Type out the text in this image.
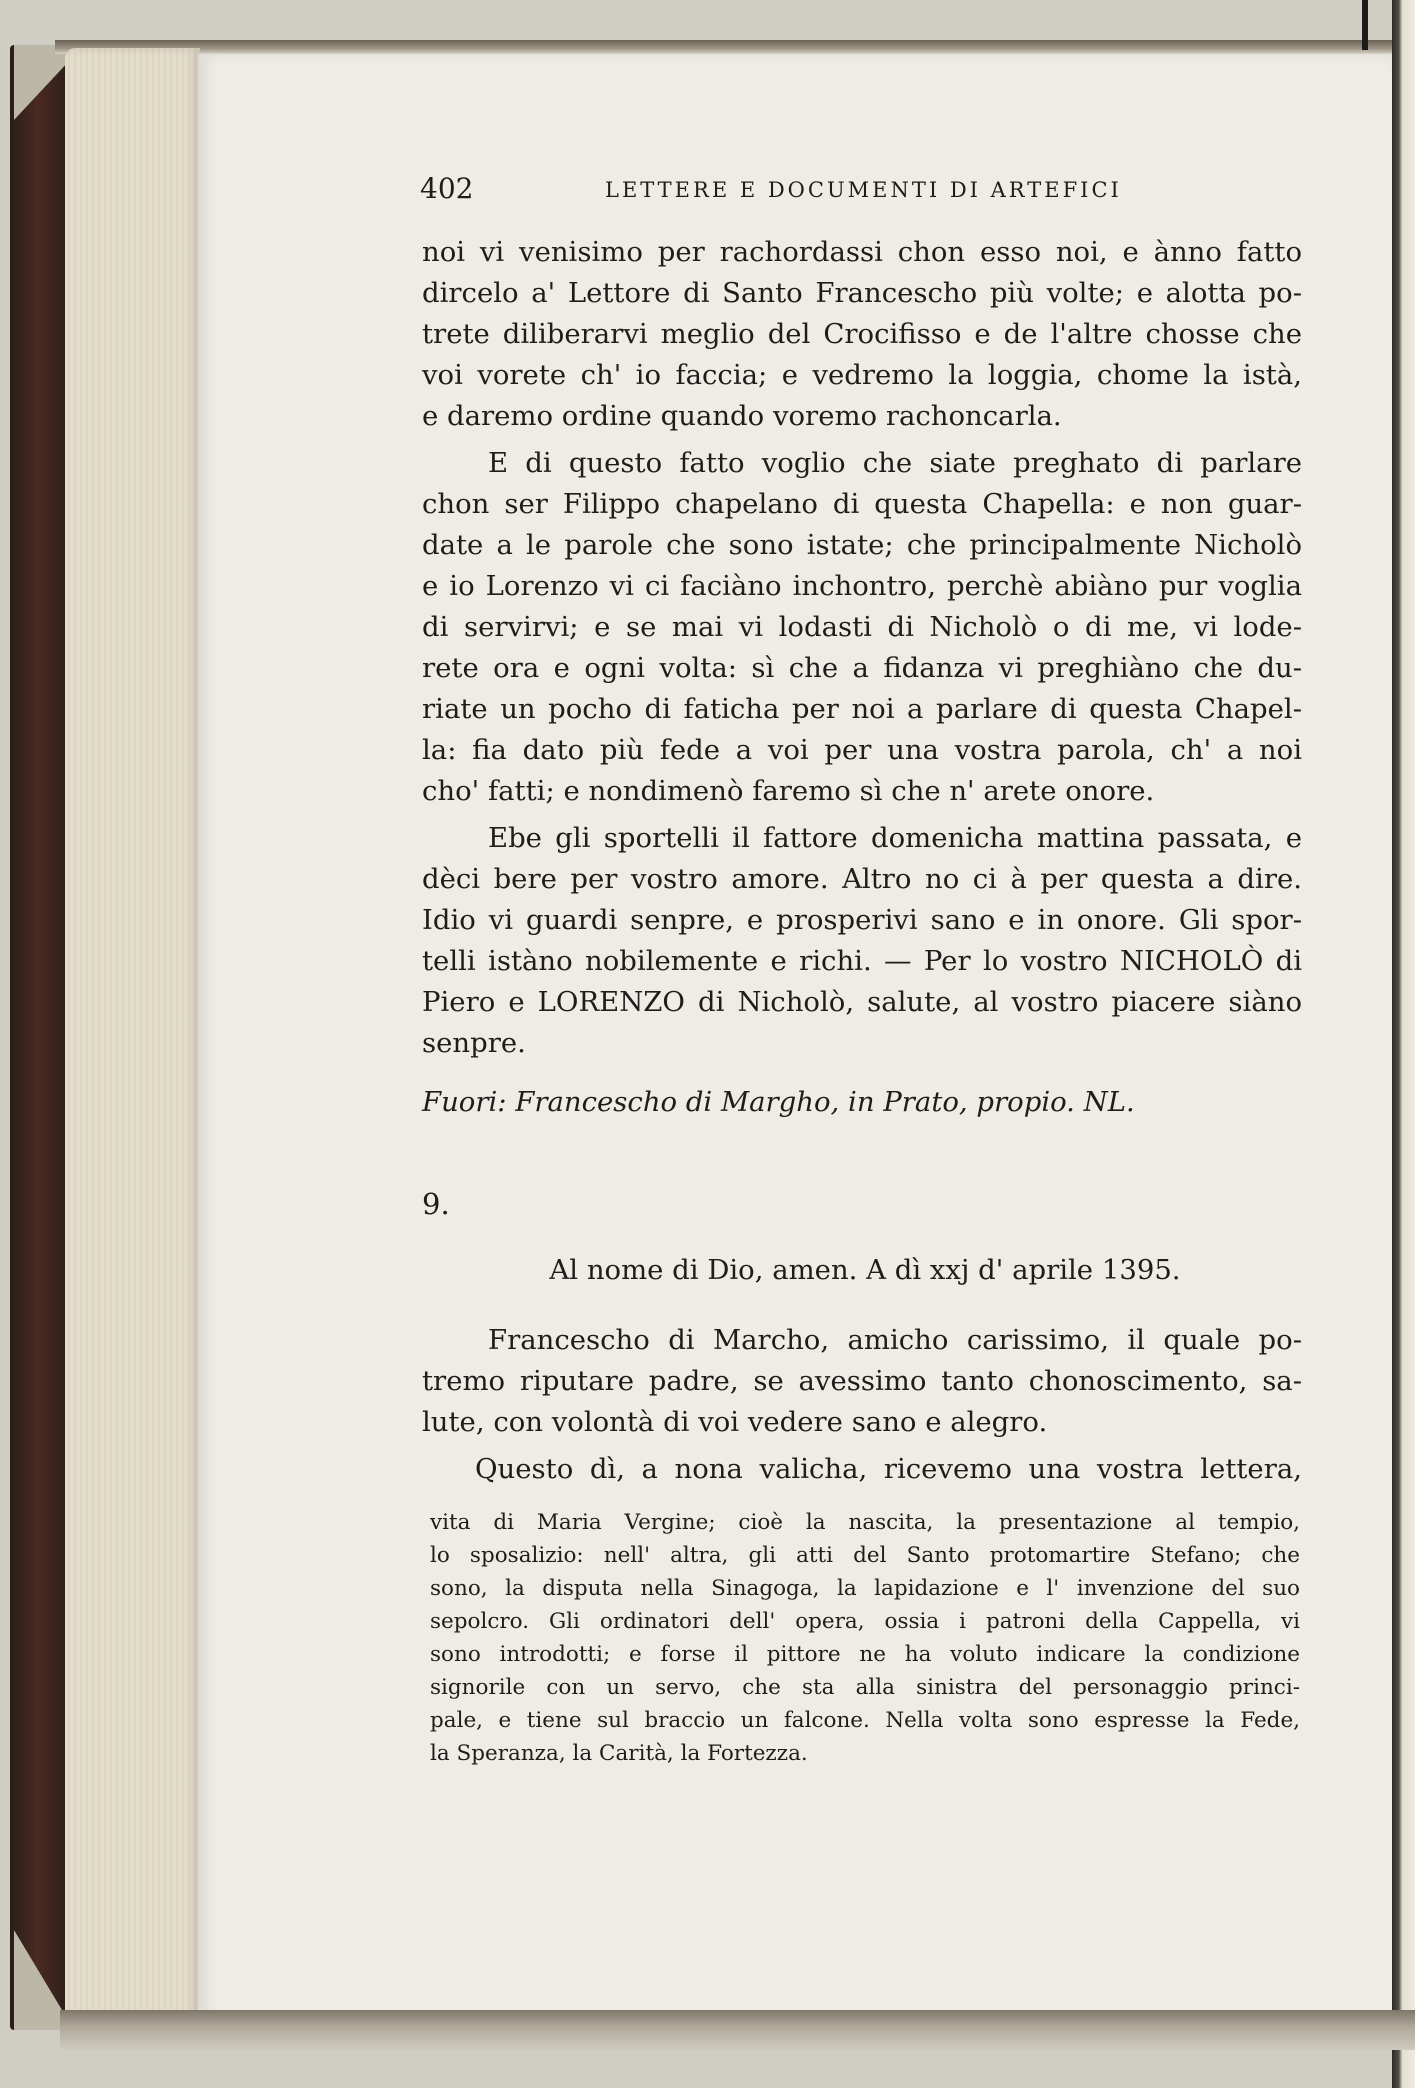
402	LETTERE E DOCUMENTI DI ARTEFICI
noi vi venisimo per rachordassi chon esso noi, e ànno fatto
dircelo a' Lettore di Santo Francescho più volte; e alotta po-
trete diliberarvi meglio del Crocifisso e de l'altre chosse che
voi vorete ch' io faccia; e vedremo la loggia, chome la istà,
e daremo ordine quando voremo rachoncarla.
E di questo fatto voglio che siate preghato di parlare
chon ser Filippo chapelano di questa Chapella: e non guar-
date a le parole che sono istate; che principalmente Nicholò
e io Lorenzo vi ci faciàno inchontro, perchè abiàno pur voglia
di servirvi; e se mai vi lodasti di Nicholò o di me, vi lode-
rete ora e ogni volta: sì che a fidanza vi preghiàno che du-
riate un pocho di faticha per noi a parlare di questa Chapel-
la: fia dato più fede a voi per una vostra parola, ch' a noi
cho' fatti; e nondimenò faremo sì che n' arete onore.
Ebe gli sportelli il fattore domenicha mattina passata, e
dèci bere per vostro amore. Altro no ci à per questa a dire.
Idio vi guardi senpre, e prosperivi sano e in onore. Gli spor-
telli istàno nobilemente e richi. — Per lo vostro NICHOLÒ di
Piero e LORENZO di Nicholò, salute, al vostro piacere siàno
senpre.
Fuori: Francescho di Margho, in Prato, propio. NL.
9.
Al nome di Dio, amen. A dì xxj d' aprile 1395.
Francescho di Marcho, amicho carissimo, il quale po-
tremo riputare padre, se avessimo tanto chonoscimento, sa-
lute, con volontà di voi vedere sano e alegro.
Questo dì, a nona valicha, ricevemo una vostra lettera,
vita di Maria Vergine; cioè la nascita, la presentazione al tempio,
lo sposalizio: nell' altra, gli atti del Santo protomartire Stefano; che
sono, la disputa nella Sinagoga, la lapidazione e l' invenzione del suo
sepolcro. Gli ordinatori dell' opera, ossia i patroni della Cappella, vi
sono introdotti; e forse il pittore ne ha voluto indicare la condizione
signorile con un servo, che sta alla sinistra del personaggio princi-
pale, e tiene sul braccio un falcone. Nella volta sono espresse la Fede,
la Speranza, la Carità, la Fortezza.
